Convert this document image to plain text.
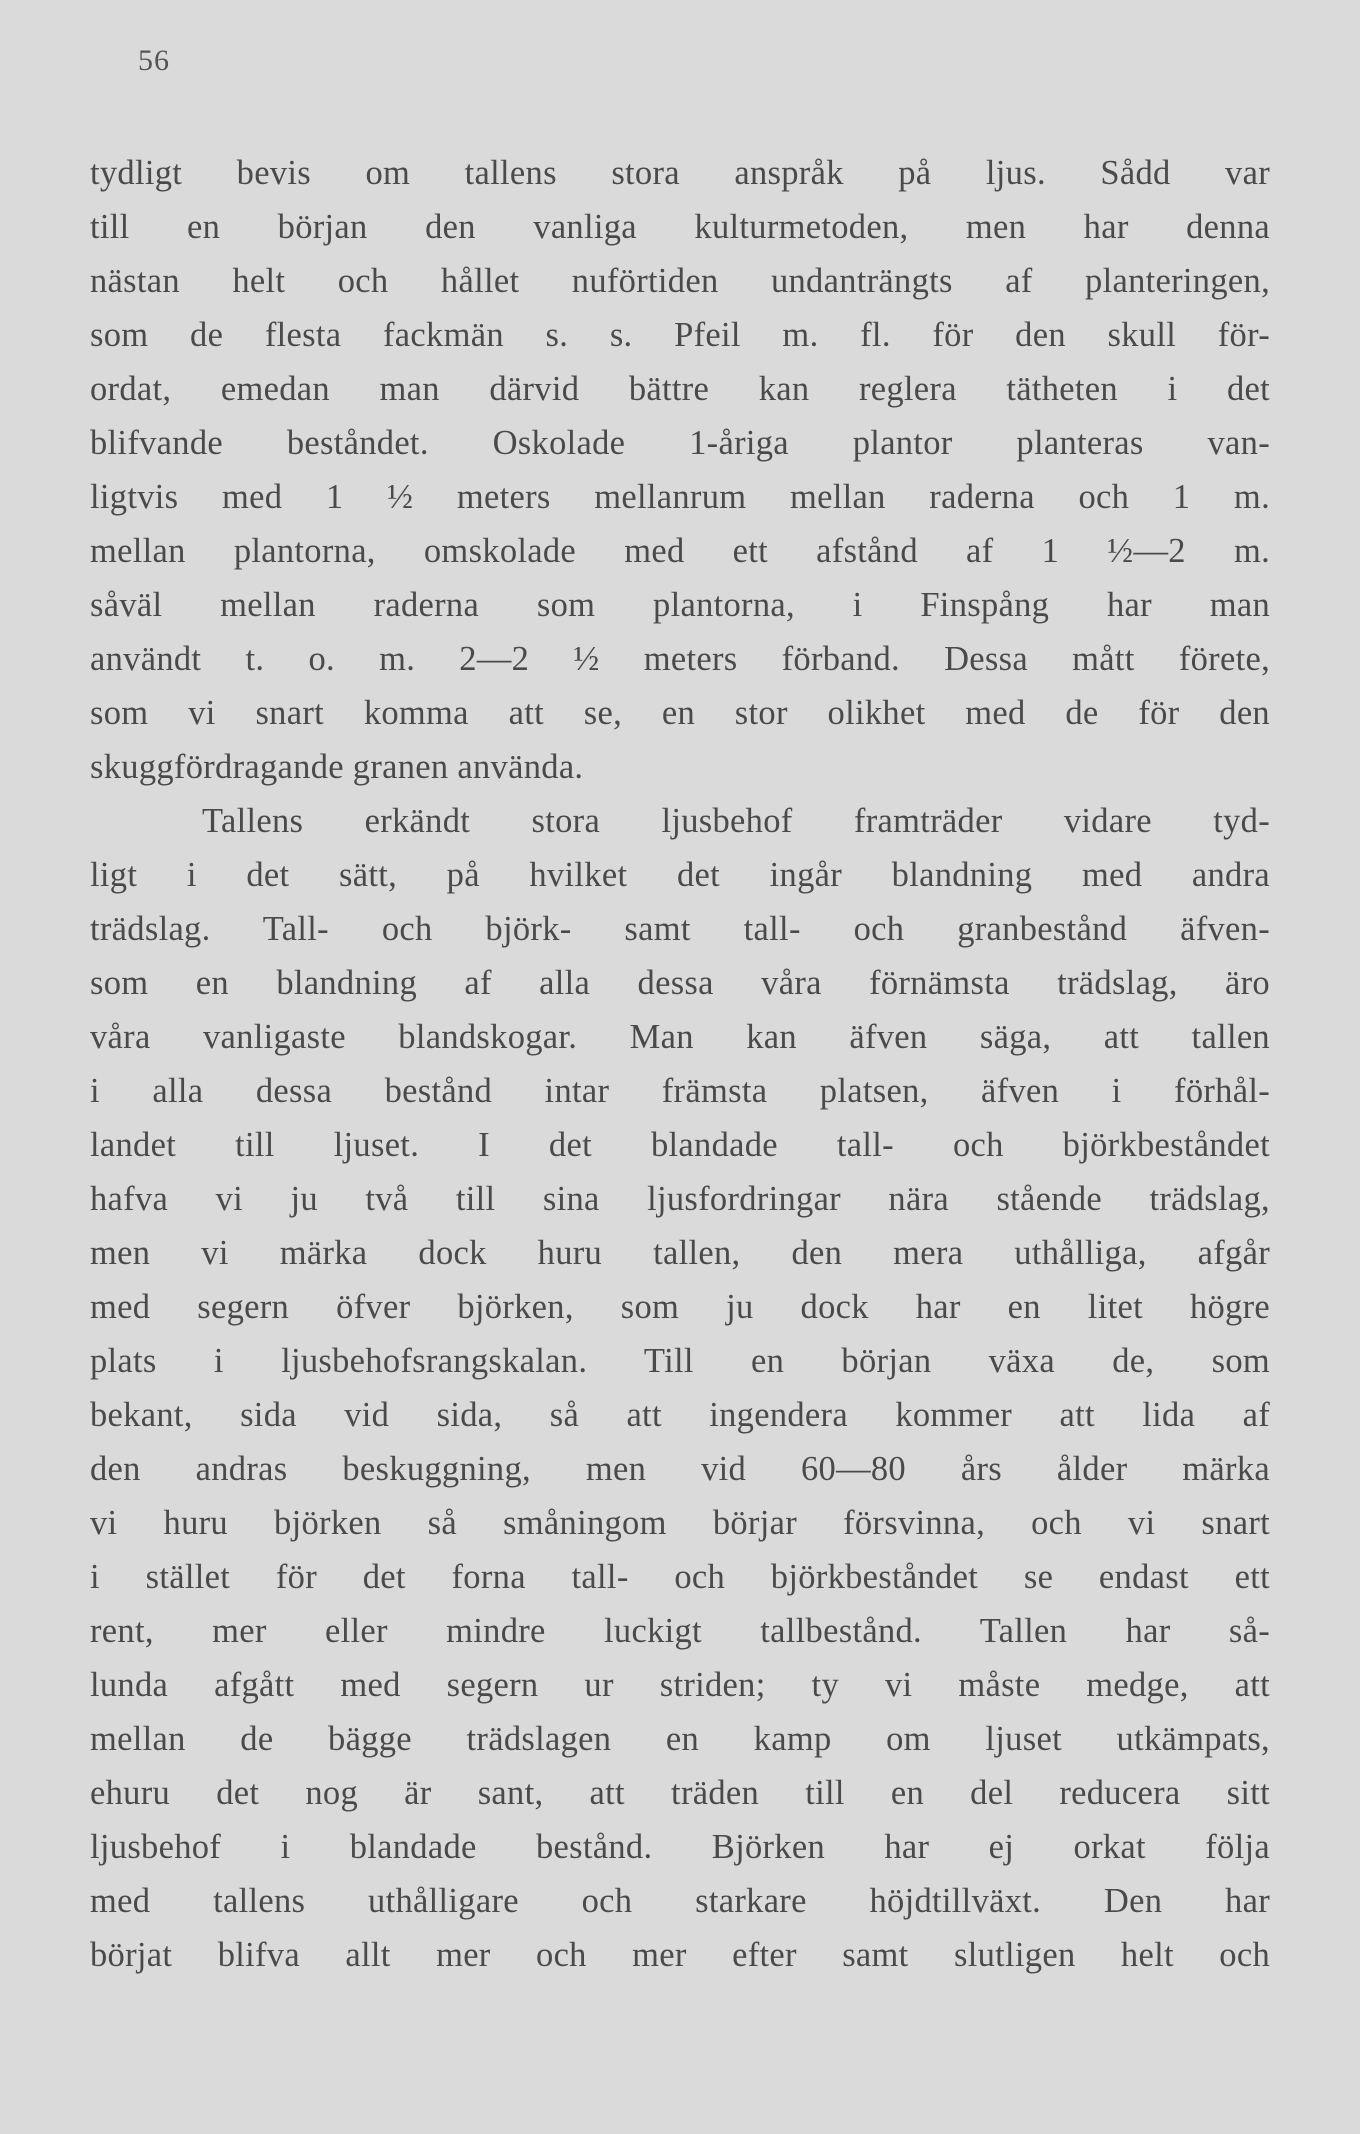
56
tydligt bevis om tallens stora anspråk på ljus. Sådd var
till en början den vanliga kulturmetoden, men har denna
nästan helt och hållet nuförtiden undanträngts af planteringen,
som de flesta fackmän s. s. Pfeil m. fl. för den skull för-
ordat, emedan man därvid bättre kan reglera tätheten i det
blifvande beståndet. Oskolade 1-åriga plantor planteras van-
ligtvis med 1 ½ meters mellanrum mellan raderna och 1 m.
mellan plantorna, omskolade med ett afstånd af 1 ½—2 m.
såväl mellan raderna som plantorna, i Finspång har man
användt t. o. m. 2—2 ½ meters förband. Dessa mått förete,
som vi snart komma att se, en stor olikhet med de för den
skuggfördragande granen använda.
Tallens erkändt stora ljusbehof framträder vidare tyd-
ligt i det sätt, på hvilket det ingår blandning med andra
trädslag. Tall- och björk- samt tall- och granbestånd äfven-
som en blandning af alla dessa våra förnämsta trädslag, äro
våra vanligaste blandskogar. Man kan äfven säga, att tallen
i alla dessa bestånd intar främsta platsen, äfven i förhål-
landet till ljuset. I det blandade tall- och björkbeståndet
hafva vi ju två till sina ljusfordringar nära stående trädslag,
men vi märka dock huru tallen, den mera uthålliga, afgår
med segern öfver björken, som ju dock har en litet högre
plats i ljusbehofsrangskalan. Till en början växa de, som
bekant, sida vid sida, så att ingendera kommer att lida af
den andras beskuggning, men vid 60—80 års ålder märka
vi huru björken så småningom börjar försvinna, och vi snart
i stället för det forna tall- och björkbeståndet se endast ett
rent, mer eller mindre luckigt tallbestånd. Tallen har så-
lunda afgått med segern ur striden; ty vi måste medge, att
mellan de bägge trädslagen en kamp om ljuset utkämpats,
ehuru det nog är sant, att träden till en del reducera sitt
ljusbehof i blandade bestånd. Björken har ej orkat följa
med tallens uthålligare och starkare höjdtillväxt. Den har
börjat blifva allt mer och mer efter samt slutligen helt och
